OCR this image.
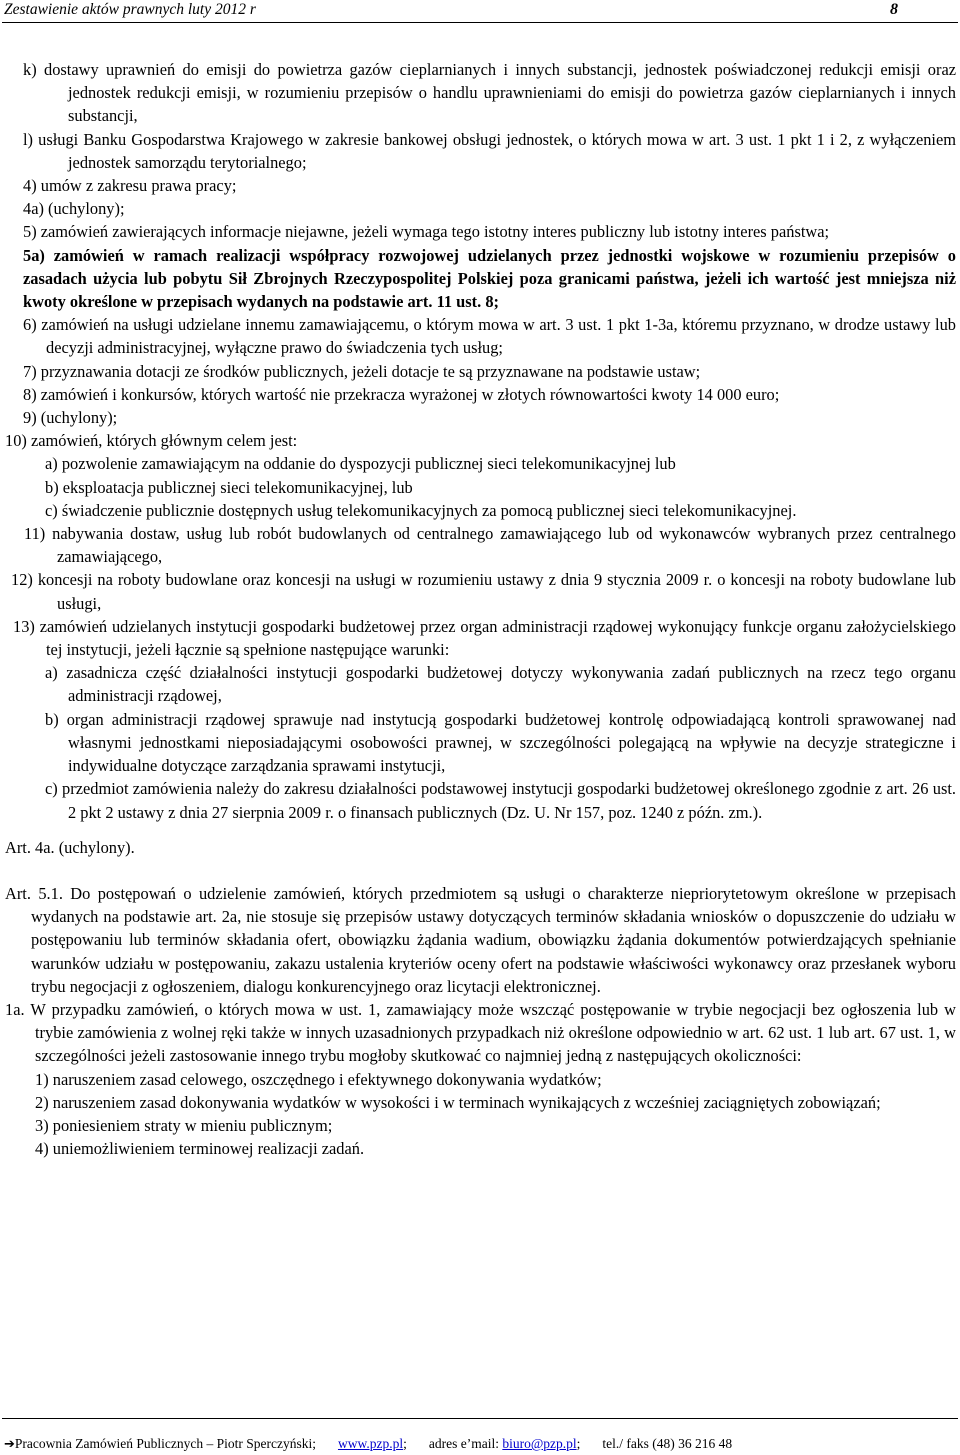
Zestawienie aktów prawnych luty 2012 r	8

k) dostawy uprawnień do emisji do powietrza gazów cieplarnianych i innych substancji, jednostek poświadczonej redukcji emisji oraz jednostek redukcji emisji, w rozumieniu przepisów o handlu uprawnieniami do emisji do powietrza gazów cieplarnianych i innych substancji,

l) usługi Banku Gospodarstwa Krajowego w zakresie bankowej obsługi jednostek, o których mowa w art. 3 ust. 1 pkt 1 i 2, z wyłączeniem jednostek samorządu terytorialnego;

4) umów z zakresu prawa pracy;

4a) (uchylony);

5) zamówień zawierających informacje niejawne, jeżeli wymaga tego istotny interes publiczny lub istotny interes państwa;

5a) zamówień w ramach realizacji współpracy rozwojowej udzielanych przez jednostki wojskowe w rozumieniu przepisów o zasadach użycia lub pobytu Sił Zbrojnych Rzeczypospolitej Polskiej poza granicami państwa, jeżeli ich wartość jest mniejsza niż kwoty określone w przepisach wydanych na podstawie art. 11 ust. 8;

6) zamówień na usługi udzielane innemu zamawiającemu, o którym mowa w art. 3 ust. 1 pkt 1-3a, któremu przyznano, w drodze ustawy lub decyzji administracyjnej, wyłączne prawo do świadczenia tych usług;

7) przyznawania dotacji ze środków publicznych, jeżeli dotacje te są przyznawane na podstawie ustaw;

8) zamówień i konkursów, których wartość nie przekracza wyrażonej w złotych równowartości kwoty 14 000 euro;

9) (uchylony);

10) zamówień, których głównym celem jest:

a) pozwolenie zamawiającym na oddanie do dyspozycji publicznej sieci telekomunikacyjnej lub

b) eksploatacja publicznej sieci telekomunikacyjnej, lub

c) świadczenie publicznie dostępnych usług telekomunikacyjnych za pomocą publicznej sieci telekomunikacyjnej.

11) nabywania dostaw, usług lub robót budowlanych od centralnego zamawiającego lub od wykonawców wybranych przez centralnego zamawiającego,

12) koncesji na roboty budowlane oraz koncesji na usługi w rozumieniu ustawy z dnia 9 stycznia 2009 r. o koncesji na roboty budowlane lub usługi,

13) zamówień udzielanych instytucji gospodarki budżetowej przez organ administracji rządowej wykonujący funkcje organu założycielskiego tej instytucji, jeżeli łącznie są spełnione następujące warunki:

a) zasadnicza część działalności instytucji gospodarki budżetowej dotyczy wykonywania zadań publicznych na rzecz tego organu administracji rządowej,

b) organ administracji rządowej sprawuje nad instytucją gospodarki budżetowej kontrolę odpowiadającą kontroli sprawowanej nad własnymi jednostkami nieposiadającymi osobowości prawnej, w szczególności polegającą na wpływie na decyzje strategiczne i indywidualne dotyczące zarządzania sprawami instytucji,

c) przedmiot zamówienia należy do zakresu działalności podstawowej instytucji gospodarki budżetowej określonego zgodnie z art. 26 ust. 2 pkt 2 ustawy z dnia 27 sierpnia 2009 r. o finansach publicznych (Dz. U. Nr 157, poz. 1240 z późn. zm.).

Art. 4a. (uchylony).

Art. 5.1. Do postępowań o udzielenie zamówień, których przedmiotem są usługi o charakterze niepriorytetowym określone w przepisach wydanych na podstawie art. 2a, nie stosuje się przepisów ustawy dotyczących terminów składania wniosków o dopuszczenie do udziału w postępowaniu lub terminów składania ofert, obowiązku żądania wadium, obowiązku żądania dokumentów potwierdzających spełnianie warunków udziału w postępowaniu, zakazu ustalenia kryteriów oceny ofert na podstawie właściwości wykonawcy oraz przesłanek wyboru trybu negocjacji z ogłoszeniem, dialogu konkurencyjnego oraz licytacji elektronicznej.

1a. W przypadku zamówień, o których mowa w ust. 1, zamawiający może wszcząć postępowanie w trybie negocjacji bez ogłoszenia lub w trybie zamówienia z wolnej ręki także w innych uzasadnionych przypadkach niż określone odpowiednio w art. 62 ust. 1 lub art. 67 ust. 1, w szczególności jeżeli zastosowanie innego trybu mogłoby skutkować co najmniej jedną z następujących okoliczności:

1) naruszeniem zasad celowego, oszczędnego i efektywnego dokonywania wydatków;

2) naruszeniem zasad dokonywania wydatków w wysokości i w terminach wynikających z wcześniej zaciągniętych zobowiązań;

3) poniesieniem straty w mieniu publicznym;

4) uniemożliwieniem terminowej realizacji zadań.

➔Pracownia Zamówień Publicznych – Piotr Sperczyński; www.pzp.pl; adres e’mail: biuro@pzp.pl; tel./ faks (48) 36 216 48
